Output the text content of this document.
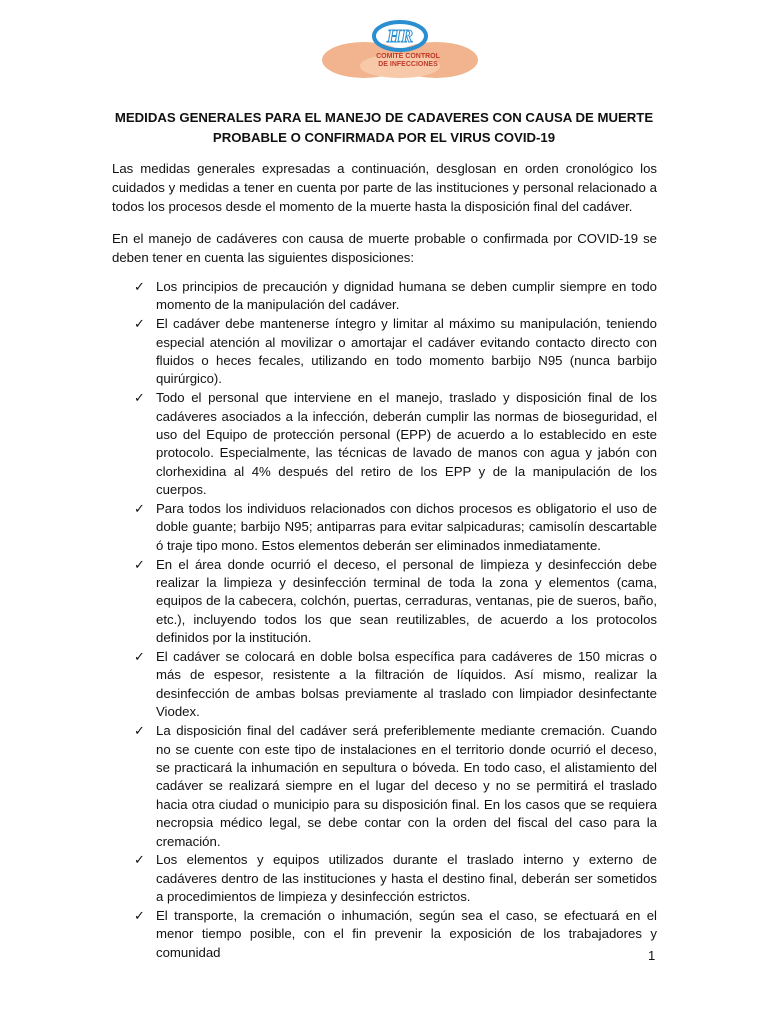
HR
COMITÉ CONTROL
DE INFECCIONES
MEDIDAS GENERALES PARA EL MANEJO DE CADAVERES CON CAUSA DE MUERTE PROBABLE O CONFIRMADA POR EL VIRUS COVID-19

Las medidas generales expresadas a continuación, desglosan en orden cronológico los cuidados y medidas a tener en cuenta por parte de las instituciones y personal relacionado a todos los procesos desde el momento de la muerte hasta la disposición final del cadáver.

En el manejo de cadáveres con causa de muerte probable o confirmada por COVID-19 se deben tener en cuenta las siguientes disposiciones:

✓ Los principios de precaución y dignidad humana se deben cumplir siempre en todo momento de la manipulación del cadáver.
✓ El cadáver debe mantenerse íntegro y limitar al máximo su manipulación, teniendo especial atención al movilizar o amortajar el cadáver evitando contacto directo con fluidos o heces fecales, utilizando en todo momento barbijo N95 (nunca barbijo quirúrgico).
✓ Todo el personal que interviene en el manejo, traslado y disposición final de los cadáveres asociados a la infección, deberán cumplir las normas de bioseguridad, el uso del Equipo de protección personal (EPP) de acuerdo a lo establecido en este protocolo. Especialmente, las técnicas de lavado de manos con agua y jabón con clorhexidina al 4% después del retiro de los EPP y de la manipulación de los cuerpos.
✓ Para todos los individuos relacionados con dichos procesos es obligatorio el uso de doble guante; barbijo N95; antiparras para evitar salpicaduras; camisolín descartable ó traje tipo mono. Estos elementos deberán ser eliminados inmediatamente.
✓ En el área donde ocurrió el deceso, el personal de limpieza y desinfección debe realizar la limpieza y desinfección terminal de toda la zona y elementos (cama, equipos de la cabecera, colchón, puertas, cerraduras, ventanas, pie de sueros, baño, etc.), incluyendo todos los que sean reutilizables, de acuerdo a los protocolos definidos por la institución.
✓ El cadáver se colocará en doble bolsa específica para cadáveres de 150 micras o más de espesor, resistente a la filtración de líquidos. Así mismo, realizar la desinfección de ambas bolsas previamente al traslado con limpiador desinfectante Viodex.
✓ La disposición final del cadáver será preferiblemente mediante cremación. Cuando no se cuente con este tipo de instalaciones en el territorio donde ocurrió el deceso, se practicará la inhumación en sepultura o bóveda. En todo caso, el alistamiento del cadáver se realizará siempre en el lugar del deceso y no se permitirá el traslado hacia otra ciudad o municipio para su disposición final. En los casos que se requiera necropsia médico legal, se debe contar con la orden del fiscal del caso para la cremación.
✓ Los elementos y equipos utilizados durante el traslado interno y externo de cadáveres dentro de las instituciones y hasta el destino final, deberán ser sometidos a procedimientos de limpieza y desinfección estrictos.
✓ El transporte, la cremación o inhumación, según sea el caso, se efectuará en el menor tiempo posible, con el fin prevenir la exposición de los trabajadores y comunidad	1
